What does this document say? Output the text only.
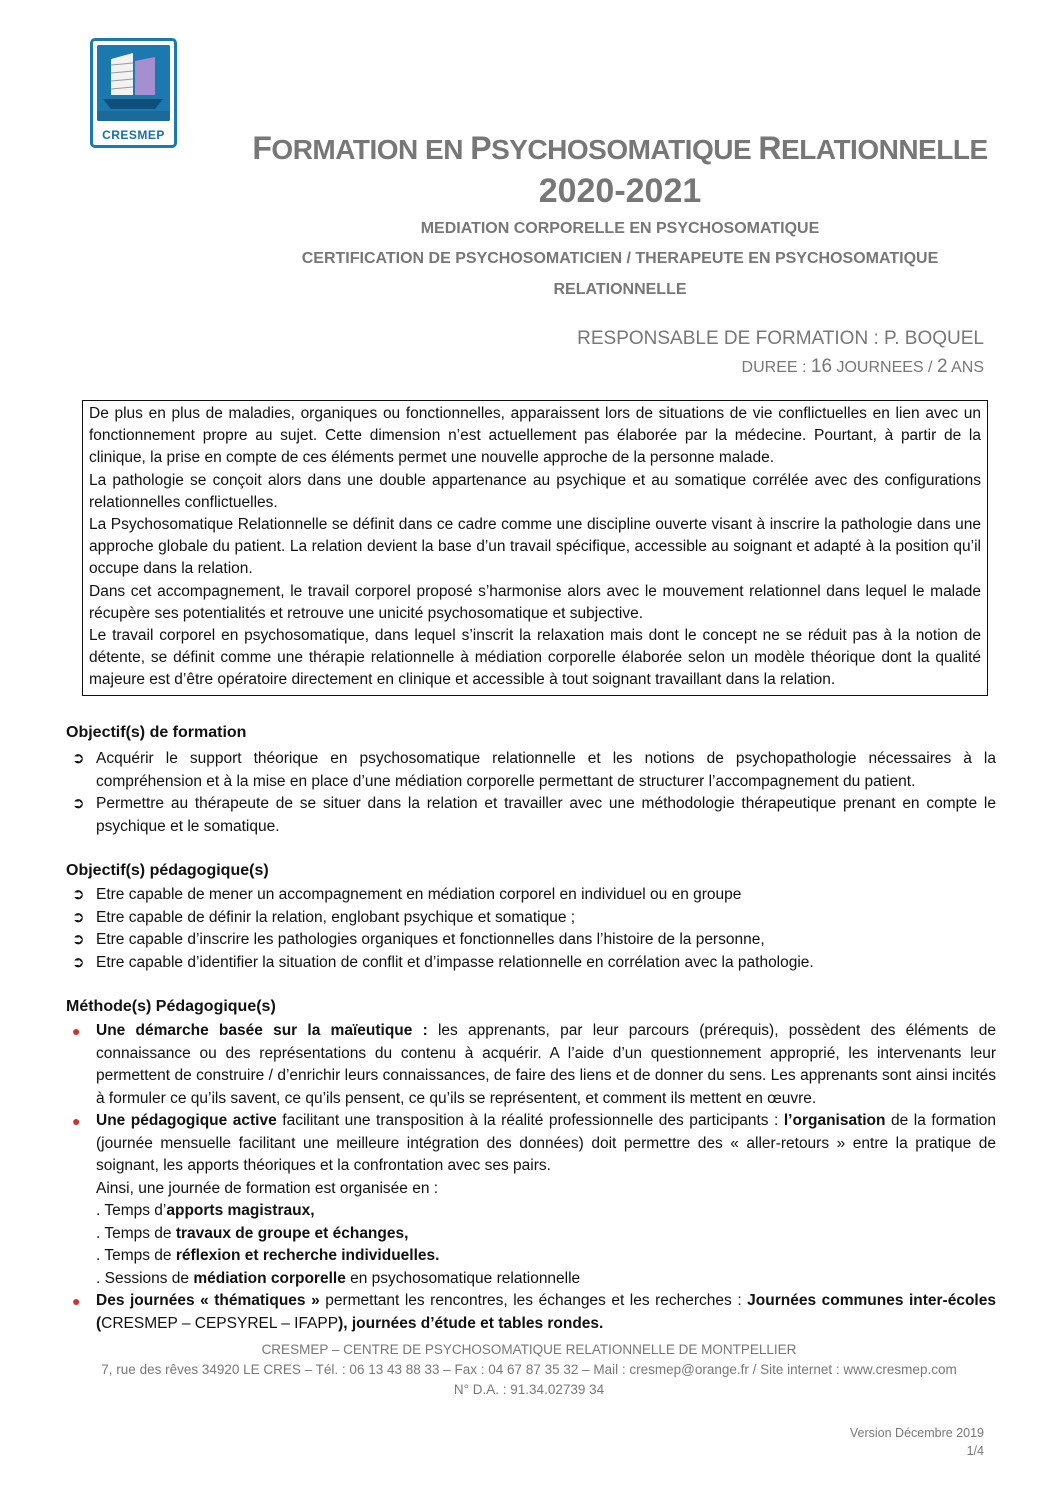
CRESMEP	FORMATION EN PSYCHOSOMATIQUE RELATIONNELLE
2020-2021
MEDIATION CORPORELLE EN PSYCHOSOMATIQUE
CERTIFICATION DE PSYCHOSOMATICIEN / THERAPEUTE EN PSYCHOSOMATIQUE
RELATIONNELLE
RESPONSABLE DE FORMATION : P. BOQUEL
DUREE : 16 JOURNEES / 2 ANS

De plus en plus de maladies, organiques ou fonctionnelles, apparaissent lors de situations de vie conflictuelles en lien avec un fonctionnement propre au sujet. Cette dimension n’est actuellement pas élaborée par la médecine. Pourtant, à partir de la clinique, la prise en compte de ces éléments permet une nouvelle approche de la personne malade.

La pathologie se conçoit alors dans une double appartenance au psychique et au somatique corrélée avec des configurations relationnelles conflictuelles.

La Psychosomatique Relationnelle se définit dans ce cadre comme une discipline ouverte visant à inscrire la pathologie dans une approche globale du patient. La relation devient la base d’un travail spécifique, accessible au soignant et adapté à la position qu’il occupe dans la relation.

Dans cet accompagnement, le travail corporel proposé s’harmonise alors avec le mouvement relationnel dans lequel le malade récupère ses potentialités et retrouve une unicité psychosomatique et subjective.

Le travail corporel en psychosomatique, dans lequel s’inscrit la relaxation mais dont le concept ne se réduit pas à la notion de détente, se définit comme une thérapie relationnelle à médiation corporelle élaborée selon un modèle théorique dont la qualité majeure est d’être opératoire directement en clinique et accessible à tout soignant travaillant dans la relation.

Objectif(s) de formation
➲ Acquérir le support théorique en psychosomatique relationnelle et les notions de psychopathologie nécessaires à la compréhension et à la mise en place d’une médiation corporelle permettant de structurer l’accompagnement du patient.
➲ Permettre au thérapeute de se situer dans la relation et travailler avec une méthodologie thérapeutique prenant en compte le psychique et le somatique.
Objectif(s) pédagogique(s)
➲ Etre capable de mener un accompagnement en médiation corporel en individuel ou en groupe
➲ Etre capable de définir la relation, englobant psychique et somatique ;
➲ Etre capable d’inscrire les pathologies organiques et fonctionnelles dans l’histoire de la personne,
➲ Etre capable d’identifier la situation de conflit et d’impasse relationnelle en corrélation avec la pathologie.
Méthode(s) Pédagogique(s)
● Une démarche basée sur la maïeutique : les apprenants, par leur parcours (prérequis), possèdent des éléments de connaissance ou des représentations du contenu à acquérir. A l’aide d’un questionnement approprié, les intervenants leur permettent de construire / d’enrichir leurs connaissances, de faire des liens et de donner du sens. Les apprenants sont ainsi incités à formuler ce qu’ils savent, ce qu’ils pensent, ce qu’ils se représentent, et comment ils mettent en œuvre.
● Une pédagogique active facilitant une transposition à la réalité professionnelle des participants : l’organisation de la formation (journée mensuelle facilitant une meilleure intégration des données) doit permettre des « aller-retours » entre la pratique de soignant, les apports théoriques et la confrontation avec ses pairs.
Ainsi, une journée de formation est organisée en :
. Temps d’apports magistraux,
. Temps de travaux de groupe et échanges,
. Temps de réflexion et recherche individuelles.
. Sessions de médiation corporelle en psychosomatique relationnelle
● Des journées « thématiques » permettant les rencontres, les échanges et les recherches : Journées communes inter-écoles (CRESMEP – CEPSYREL – IFAPP), journées d’étude et tables rondes.
CRESMEP – CENTRE DE PSYCHOSOMATIQUE RELATIONNELLE DE MONTPELLIER
7, rue des rêves 34920 LE CRES – Tél. : 06 13 43 88 33 – Fax : 04 67 87 35 32 – Mail : cresmep@orange.fr / Site internet : www.cresmep.com
N° D.A. : 91.34.02739 34
Version Décembre 2019
1/4
